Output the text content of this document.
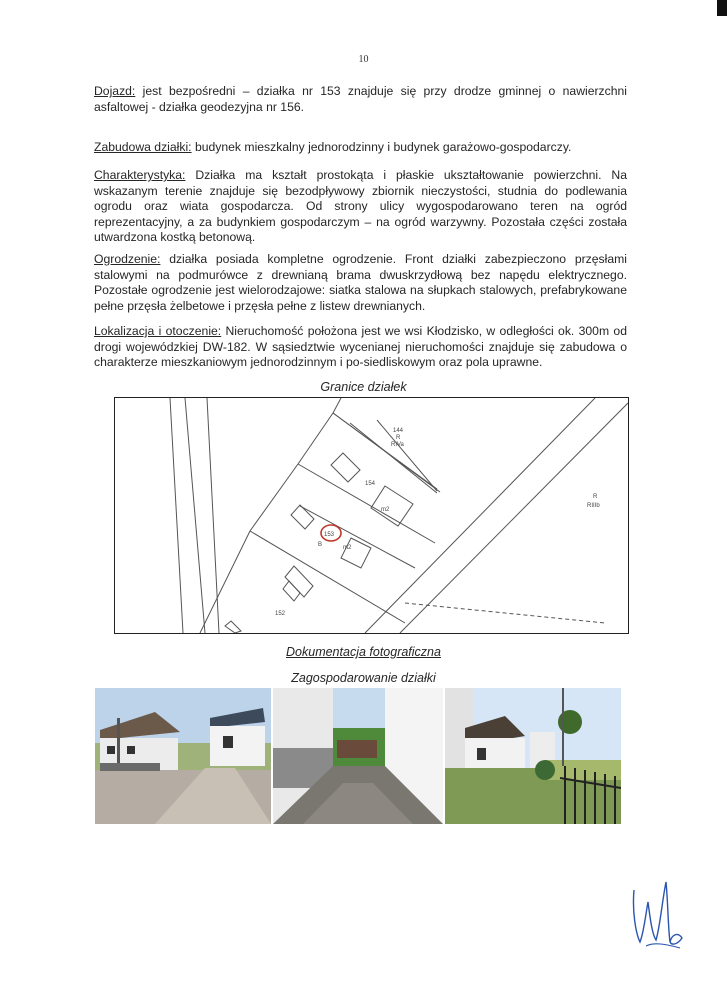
10

Dojazd: jest bezpośredni – działka nr 153 znajduje się przy drodze gminnej o nawierzchni asfaltowej - działka geodezyjna nr 156.

Zabudowa działki: budynek mieszkalny jednorodzinny i budynek garażowo-gospodarczy.

Charakterystyka: Działka ma kształt prostokąta i płaskie ukształtowanie powierzchni. Na wskazanym terenie znajduje się bezodpływowy zbiornik nieczystości, studnia do podlewania ogrodu oraz wiata gospodarcza. Od strony ulicy wygospodarowano teren na ogród reprezentacyjny, a za budynkiem gospodarczym – na ogród warzywny. Pozostała części została utwardzona kostką betonową.

Ogrodzenie: działka posiada kompletne ogrodzenie. Front działki zabezpieczono przęsłami stalowymi na podmurówce z drewnianą brama dwuskrzydłową bez napędu elektrycznego. Pozostałe ogrodzenie jest wielorodzajowe: siatka stalowa na słupkach stalowych, prefabrykowane pełne przęsła żelbetowe i przęsła pełne z listew drewnianych.

Lokalizacja i otoczenie: Nieruchomość położona jest we wsi Kłodzisko, w odległości ok. 300m od drogi wojewódzkiej DW-182. W sąsiedztwie wycenianej nieruchomości znajduje się zabudowa o charakterze mieszkaniowym jednorodzinnym i po-siedliskowym oraz pola uprawne.

Granice działek
144
R
RIVa
154
m2
153
B	m2
152
R
RIIIb
Dokumentacja fotograficzna
Zagospodarowanie działki
